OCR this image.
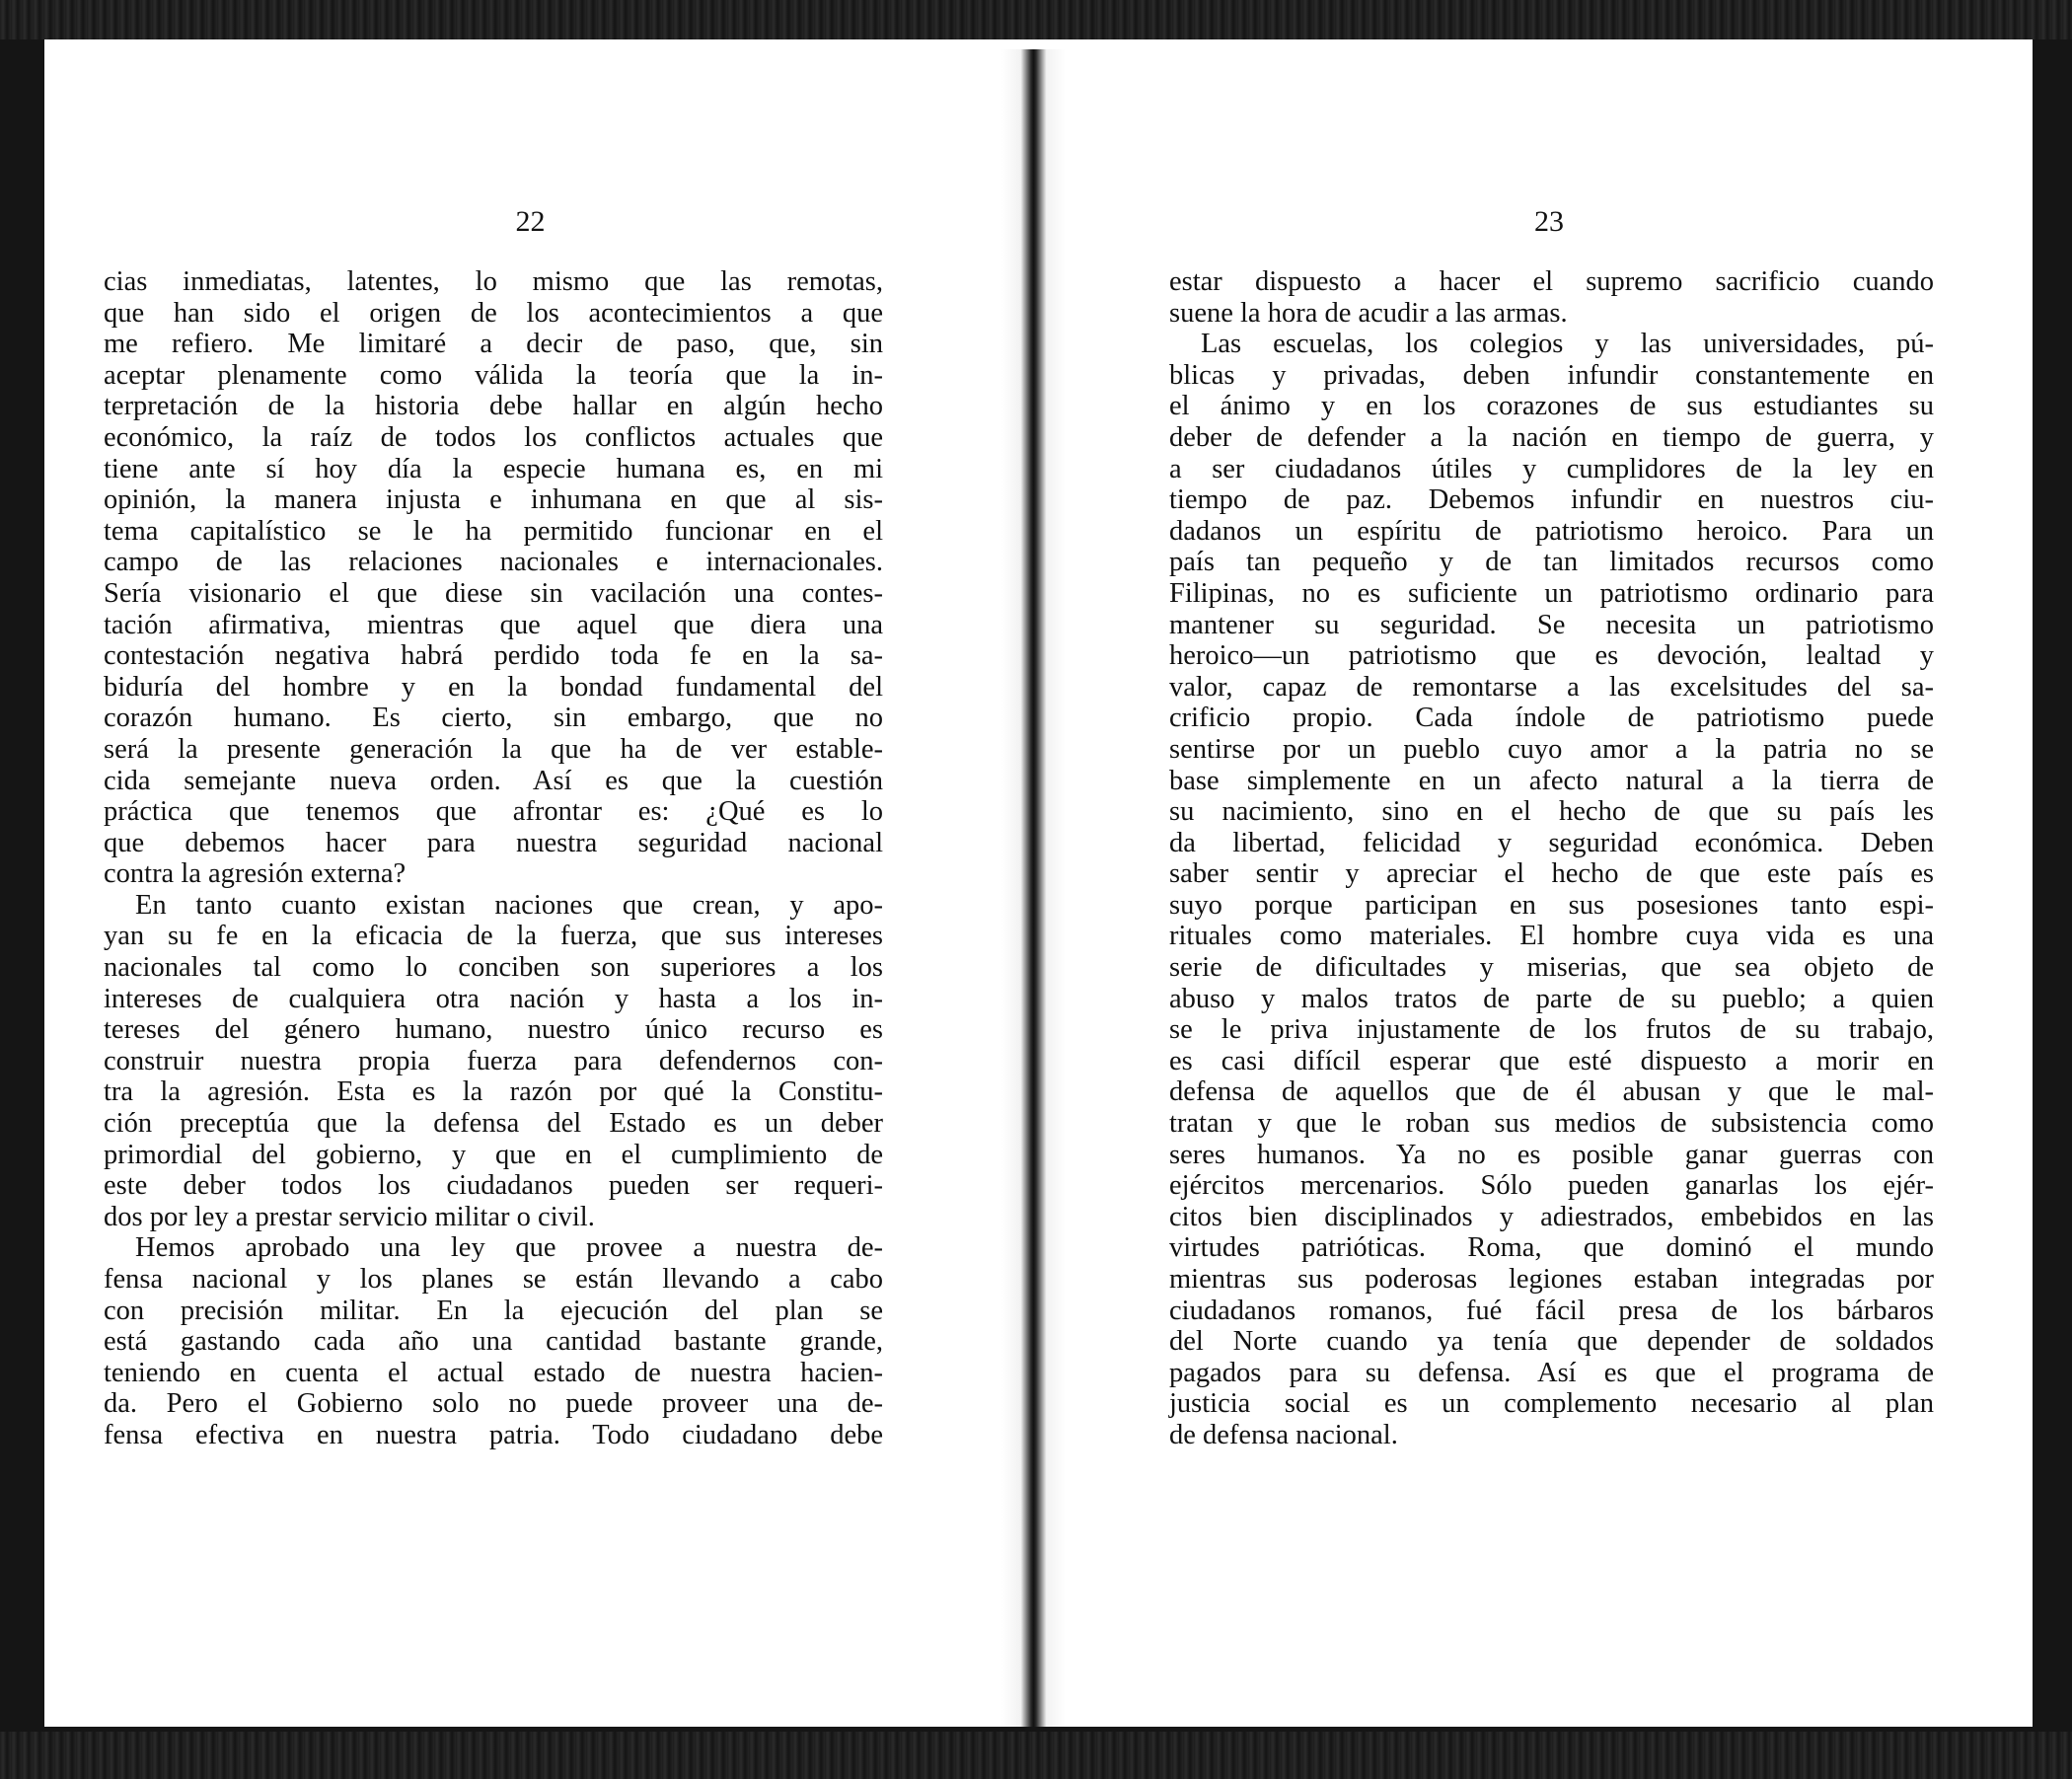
22
cias inmediatas, latentes, lo mismo que las remotas,
que han sido el origen de los acontecimientos a que
me refiero. Me limitaré a decir de paso, que, sin
aceptar plenamente como válida la teoría que la in-
terpretación de la historia debe hallar en algún hecho
económico, la raíz de todos los conflictos actuales que
tiene ante sí hoy día la especie humana es, en mi
opinión, la manera injusta e inhumana en que al sis-
tema capitalístico se le ha permitido funcionar en el
campo de las relaciones nacionales e internacionales.
Sería visionario el que diese sin vacilación una contes-
tación afirmativa, mientras que aquel que diera una
contestación negativa habrá perdido toda fe en la sa-
biduría del hombre y en la bondad fundamental del
corazón humano. Es cierto, sin embargo, que no
será la presente generación la que ha de ver estable-
cida semejante nueva orden. Así es que la cuestión
práctica que tenemos que afrontar es: ¿Qué es lo
que debemos hacer para nuestra seguridad nacional
contra la agresión externa?
En tanto cuanto existan naciones que crean, y apo-
yan su fe en la eficacia de la fuerza, que sus intereses
nacionales tal como lo conciben son superiores a los
intereses de cualquiera otra nación y hasta a los in-
tereses del género humano, nuestro único recurso es
construir nuestra propia fuerza para defendernos con-
tra la agresión. Esta es la razón por qué la Constitu-
ción preceptúa que la defensa del Estado es un deber
primordial del gobierno, y que en el cumplimiento de
este deber todos los ciudadanos pueden ser requeri-
dos por ley a prestar servicio militar o civil.
Hemos aprobado una ley que provee a nuestra de-
fensa nacional y los planes se están llevando a cabo
con precisión militar. En la ejecución del plan se
está gastando cada año una cantidad bastante grande,
teniendo en cuenta el actual estado de nuestra hacien-
da. Pero el Gobierno solo no puede proveer una de-
fensa efectiva en nuestra patria. Todo ciudadano debe
23
estar dispuesto a hacer el supremo sacrificio cuando
suene la hora de acudir a las armas.
Las escuelas, los colegios y las universidades, pú-
blicas y privadas, deben infundir constantemente en
el ánimo y en los corazones de sus estudiantes su
deber de defender a la nación en tiempo de guerra, y
a ser ciudadanos útiles y cumplidores de la ley en
tiempo de paz. Debemos infundir en nuestros ciu-
dadanos un espíritu de patriotismo heroico. Para un
país tan pequeño y de tan limitados recursos como
Filipinas, no es suficiente un patriotismo ordinario para
mantener su seguridad. Se necesita un patriotismo
heroico—un patriotismo que es devoción, lealtad y
valor, capaz de remontarse a las excelsitudes del sa-
crificio propio. Cada índole de patriotismo puede
sentirse por un pueblo cuyo amor a la patria no se
base simplemente en un afecto natural a la tierra de
su nacimiento, sino en el hecho de que su país les
da libertad, felicidad y seguridad económica. Deben
saber sentir y apreciar el hecho de que este país es
suyo porque participan en sus posesiones tanto espi-
rituales como materiales. El hombre cuya vida es una
serie de dificultades y miserias, que sea objeto de
abuso y malos tratos de parte de su pueblo; a quien
se le priva injustamente de los frutos de su trabajo,
es casi difícil esperar que esté dispuesto a morir en
defensa de aquellos que de él abusan y que le mal-
tratan y que le roban sus medios de subsistencia como
seres humanos. Ya no es posible ganar guerras con
ejércitos mercenarios. Sólo pueden ganarlas los ejér-
citos bien disciplinados y adiestrados, embebidos en las
virtudes patrióticas. Roma, que dominó el mundo
mientras sus poderosas legiones estaban integradas por
ciudadanos romanos, fué fácil presa de los bárbaros
del Norte cuando ya tenía que depender de soldados
pagados para su defensa. Así es que el programa de
justicia social es un complemento necesario al plan
de defensa nacional.
